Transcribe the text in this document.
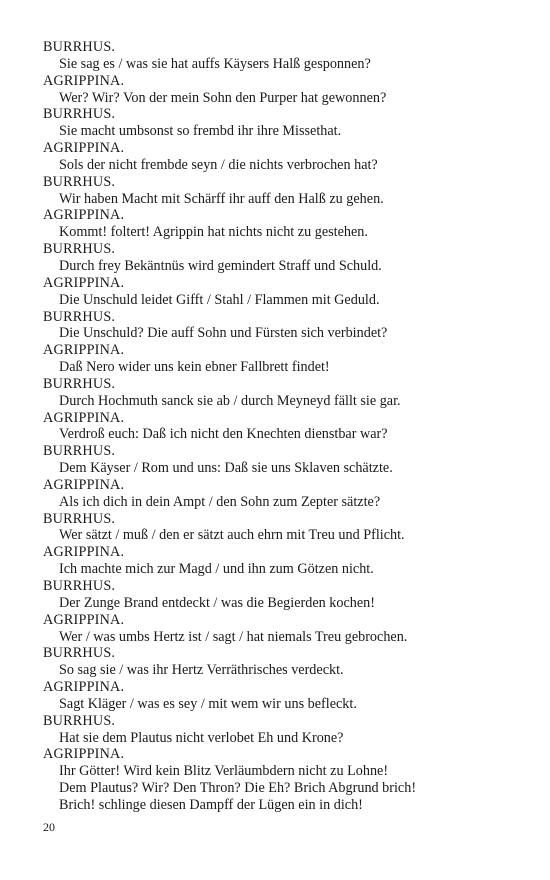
BURRHUS.
Sie sag es / was sie hat auffs Käysers Halß gesponnen?
AGRIPPINA.
Wer? Wir? Von der mein Sohn den Purper hat gewonnen?
BURRHUS.
Sie macht umbsonst so frembd ihr ihre Missethat.
AGRIPPINA.
Sols der nicht frembde seyn / die nichts verbrochen hat?
BURRHUS.
Wir haben Macht mit Schärff ihr auff den Halß zu gehen.
AGRIPPINA.
Kommt! foltert! Agrippin hat nichts nicht zu gestehen.
BURRHUS.
Durch frey Bekäntnüs wird gemindert Straff und Schuld.
AGRIPPINA.
Die Unschuld leidet Gifft / Stahl / Flammen mit Geduld.
BURRHUS.
Die Unschuld? Die auff Sohn und Fürsten sich verbindet?
AGRIPPINA.
Daß Nero wider uns kein ebner Fallbrett findet!
BURRHUS.
Durch Hochmuth sanck sie ab / durch Meyneyd fällt sie gar.
AGRIPPINA.
Verdroß euch: Daß ich nicht den Knechten dienstbar war?
BURRHUS.
Dem Käyser / Rom und uns: Daß sie uns Sklaven schätzte.
AGRIPPINA.
Als ich dich in dein Ampt / den Sohn zum Zepter sätzte?
BURRHUS.
Wer sätzt / muß / den er sätzt auch ehrn mit Treu und Pflicht.
AGRIPPINA.
Ich machte mich zur Magd / und ihn zum Götzen nicht.
BURRHUS.
Der Zunge Brand entdeckt / was die Begierden kochen!
AGRIPPINA.
Wer / was umbs Hertz ist / sagt / hat niemals Treu gebrochen.
BURRHUS.
So sag sie / was ihr Hertz Verräthrisches verdeckt.
AGRIPPINA.
Sagt Kläger / was es sey / mit wem wir uns befleckt.
BURRHUS.
Hat sie dem Plautus nicht verlobet Eh und Krone?
AGRIPPINA.
Ihr Götter! Wird kein Blitz Verläumbdern nicht zu Lohne!
Dem Plautus? Wir? Den Thron? Die Eh? Brich Abgrund brich!
Brich! schlinge diesen Dampff der Lügen ein in dich!
20
